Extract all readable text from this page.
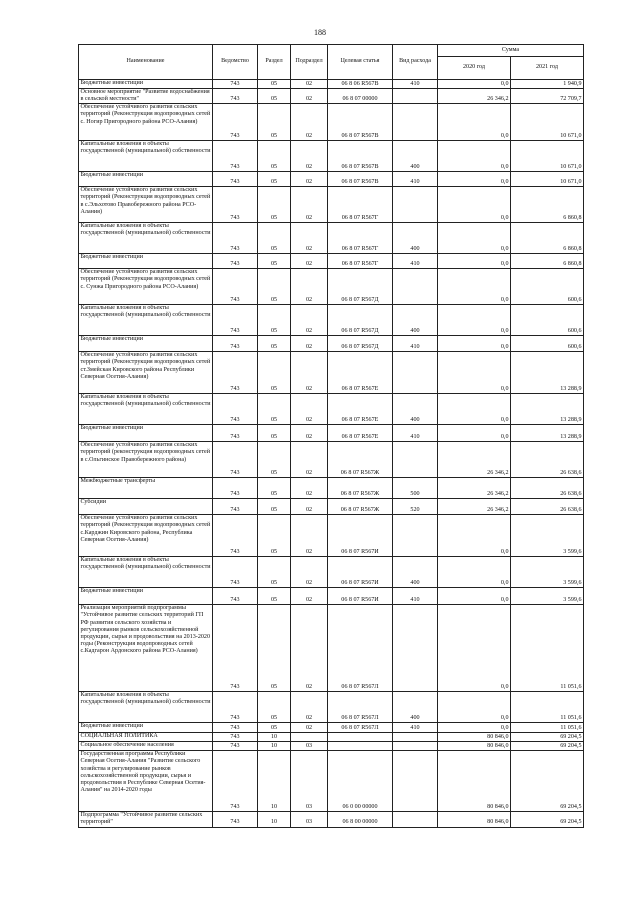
188
Наименование	Ведомство	Раздел	Подраздел	Целевая статья	Вид расхода	Сумма	
						2020 год	2021 год
Бюджетные инвестиции	743	05	02	06 8 06 R567B	410	0,0	1 940,9
Основное мероприятие "Развитие водоснабжения в сельской местности"	743	05	02	06 8 07 00000		26 346,2	72 709,7
Обеспечение устойчивого развития сельских территорий (Реконструкция водопроводных сетей с. Ногир Пригородного района РСО-Алания)	743	05	02	06 8 07 R567В		0,0	10 671,0
Капитальные вложения в объекты государственной (муниципальной) собственности	743	05	02	06 8 07 R567В	400	0,0	10 671,0
Бюджетные инвестиции	743	05	02	06 8 07 R567В	410	0,0	10 671,0
Обеспечение устойчивого развития сельских территорий (Реконструкция водопроводных сетей в с.Эльхотово Правобережного района РСО-Алания)	743	05	02	06 8 07 R567Г		0,0	6 860,8
Капитальные вложения в объекты государственной (муниципальной) собственности	743	05	02	06 8 07 R567Г	400	0,0	6 860,8
Бюджетные инвестиции	743	05	02	06 8 07 R567Г	410	0,0	6 860,8
Обеспечение устойчивого развития сельских территорий (Реконструкция водопроводных сетей с. Сунжа Пригородного района РСО-Алания)	743	05	02	06 8 07 R567Д		0,0	600,6
Капитальные вложения в объекты государственной (муниципальной) собственности	743	05	02	06 8 07 R567Д	400	0,0	600,6
Бюджетные инвестиции	743	05	02	06 8 07 R567Д	410	0,0	600,6
Обеспечение устойчивого развития сельских территорий (Реконструкция водопроводных сетей ст.Змейская Кировского района Республики Северная Осетия-Алания)	743	05	02	06 8 07 R567Е		0,0	13 288,9
Капитальные вложения в объекты государственной (муниципальной) собственности	743	05	02	06 8 07 R567Е	400	0,0	13 288,9
Бюджетные инвестиции	743	05	02	06 8 07 R567Е	410	0,0	13 288,9
Обеспечение устойчивого развития сельских территорий (реконструкция водопроводных сетей в с.Ольгинское Правобережного района)	743	05	02	06 8 07 R567Ж		26 346,2	26 638,6
Межбюджетные трансферты	743	05	02	06 8 07 R567Ж	500	26 346,2	26 638,6
Субсидии	743	05	02	06 8 07 R567Ж	520	26 346,2	26 638,6
Обеспечение устойчивого развития сельских территорий (Реконструкция водопроводных сетей с.Карджин Кировского района, Республика Северная Осетия-Алания)	743	05	02	06 8 07 R567И		0,0	3 599,6
Капитальные вложения в объекты государственной (муниципальной) собственности	743	05	02	06 8 07 R567И	400	0,0	3 599,6
Бюджетные инвестиции	743	05	02	06 8 07 R567И	410	0,0	3 599,6
Реализация мероприятий подпрограммы "Устойчивое развитие сельских территорий ГП РФ развития сельского хозяйства и регулирования рынков сельскохозяйственной продукции, сырья и продовольствия на 2013-2020 годы (Реконструкция водопроводных сетей с.Кадгарон Ардонского района РСО-Алания)	743	05	02	06 8 07 R567Л		0,0	11 051,6
Капитальные вложения в объекты государственной (муниципальной) собственности	743	05	02	06 8 07 R567Л	400	0,0	11 051,6
Бюджетные инвестиции	743	05	02	06 8 07 R567Л	410	0,0	11 051,6
СОЦИАЛЬНАЯ ПОЛИТИКА	743	10				80 846,0	69 204,5
Социальное обеспечение населения	743	10	03			80 846,0	69 204,5
Государственная программа Республики Северная Осетия-Алания "Развитие сельского хозяйства и регулирование рынков сельскохозяйственной продукции, сырья и продовольствия в Республике Северная Осетия-Алания" на 2014-2020 годы	743	10	03	06 0 00 00000		80 846,0	69 204,5
Подпрограмма "Устойчивое развитие сельских территорий"	743	10	03	06 8 00 00000		80 846,0	69 204,5
